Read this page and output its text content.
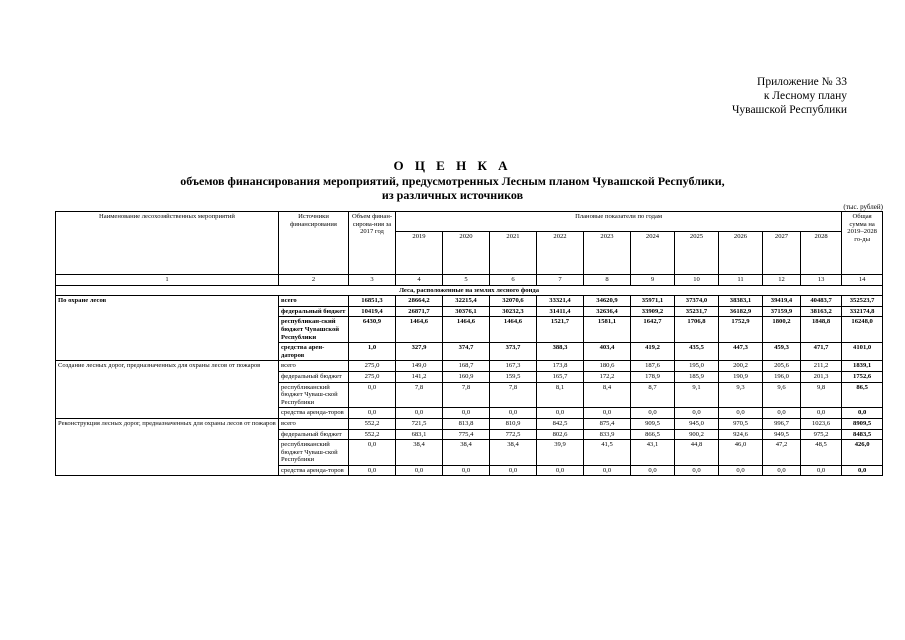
Приложение № 33
к Лесному плану
Чувашской Республики
О Ц Е Н К А
объемов финансирования мероприятий, предусмотренных Лесным планом Чувашской Республики,
из различных источников
(тыс. рублей)
Наименование лесохозяйственных мероприятий	Источники финансирования	Объем финан-сирова-ния за 2017 год	Плановые показатели по годам										Общая сумма на 2019–2028 го-ды
			2019	2020	2021	2022	2023	2024	2025	2026	2027	2028	
1	2	3	4	5	6	7	8	9	10	11	12	13	14
Леса, расположенные на землях лесного фонда													
По охране лесов	всего	16851,3	28664,2	32215,4	32070,6	33321,4	34620,9	35971,1	37374,0	38383,1	39419,4	40483,7	352523,7
	федеральный бюджет	10419,4	26871,7	30376,1	30232,3	31411,4	32636,4	33909,2	35231,7	36182,9	37159,9	38163,2	332174,8
	республикан-ский бюджет Чувашской Республики	6430,9	1464,6	1464,6	1464,6	1521,7	1581,1	1642,7	1706,8	1752,9	1800,2	1848,8	16248,0
	средства арен-даторов	1,0	327,9	374,7	373,7	388,3	403,4	419,2	435,5	447,3	459,3	471,7	4101,0
Создание лесных дорог, предназначенных для охраны лесов от пожаров	всего	275,0	149,0	168,7	167,3	173,8	180,6	187,6	195,0	200,2	205,6	211,2	1839,1
	федеральный бюджет	275,0	141,2	160,9	159,5	165,7	172,2	178,9	185,9	190,9	196,0	201,3	1752,6
	республиканский бюджет Чуваш-ской Республики	0,0	7,8	7,8	7,8	8,1	8,4	8,7	9,1	9,3	9,6	9,8	86,5
	средства аренда-торов	0,0	0,0	0,0	0,0	0,0	0,0	0,0	0,0	0,0	0,0	0,0	0,0
Реконструкция лесных дорог, предназначенных для охраны лесов от пожаров	всего	552,2	721,5	813,8	810,9	842,5	875,4	909,5	945,0	970,5	996,7	1023,6	8909,5
	федеральный бюджет	552,2	683,1	775,4	772,5	802,6	833,9	866,5	900,2	924,6	949,5	975,2	8483,5
	республиканский бюджет Чуваш-ской Республики	0,0	38,4	38,4	38,4	39,9	41,5	43,1	44,8	46,0	47,2	48,5	426,0
	средства аренда-торов	0,0	0,0	0,0	0,0	0,0	0,0	0,0	0,0	0,0	0,0	0,0	0,0
